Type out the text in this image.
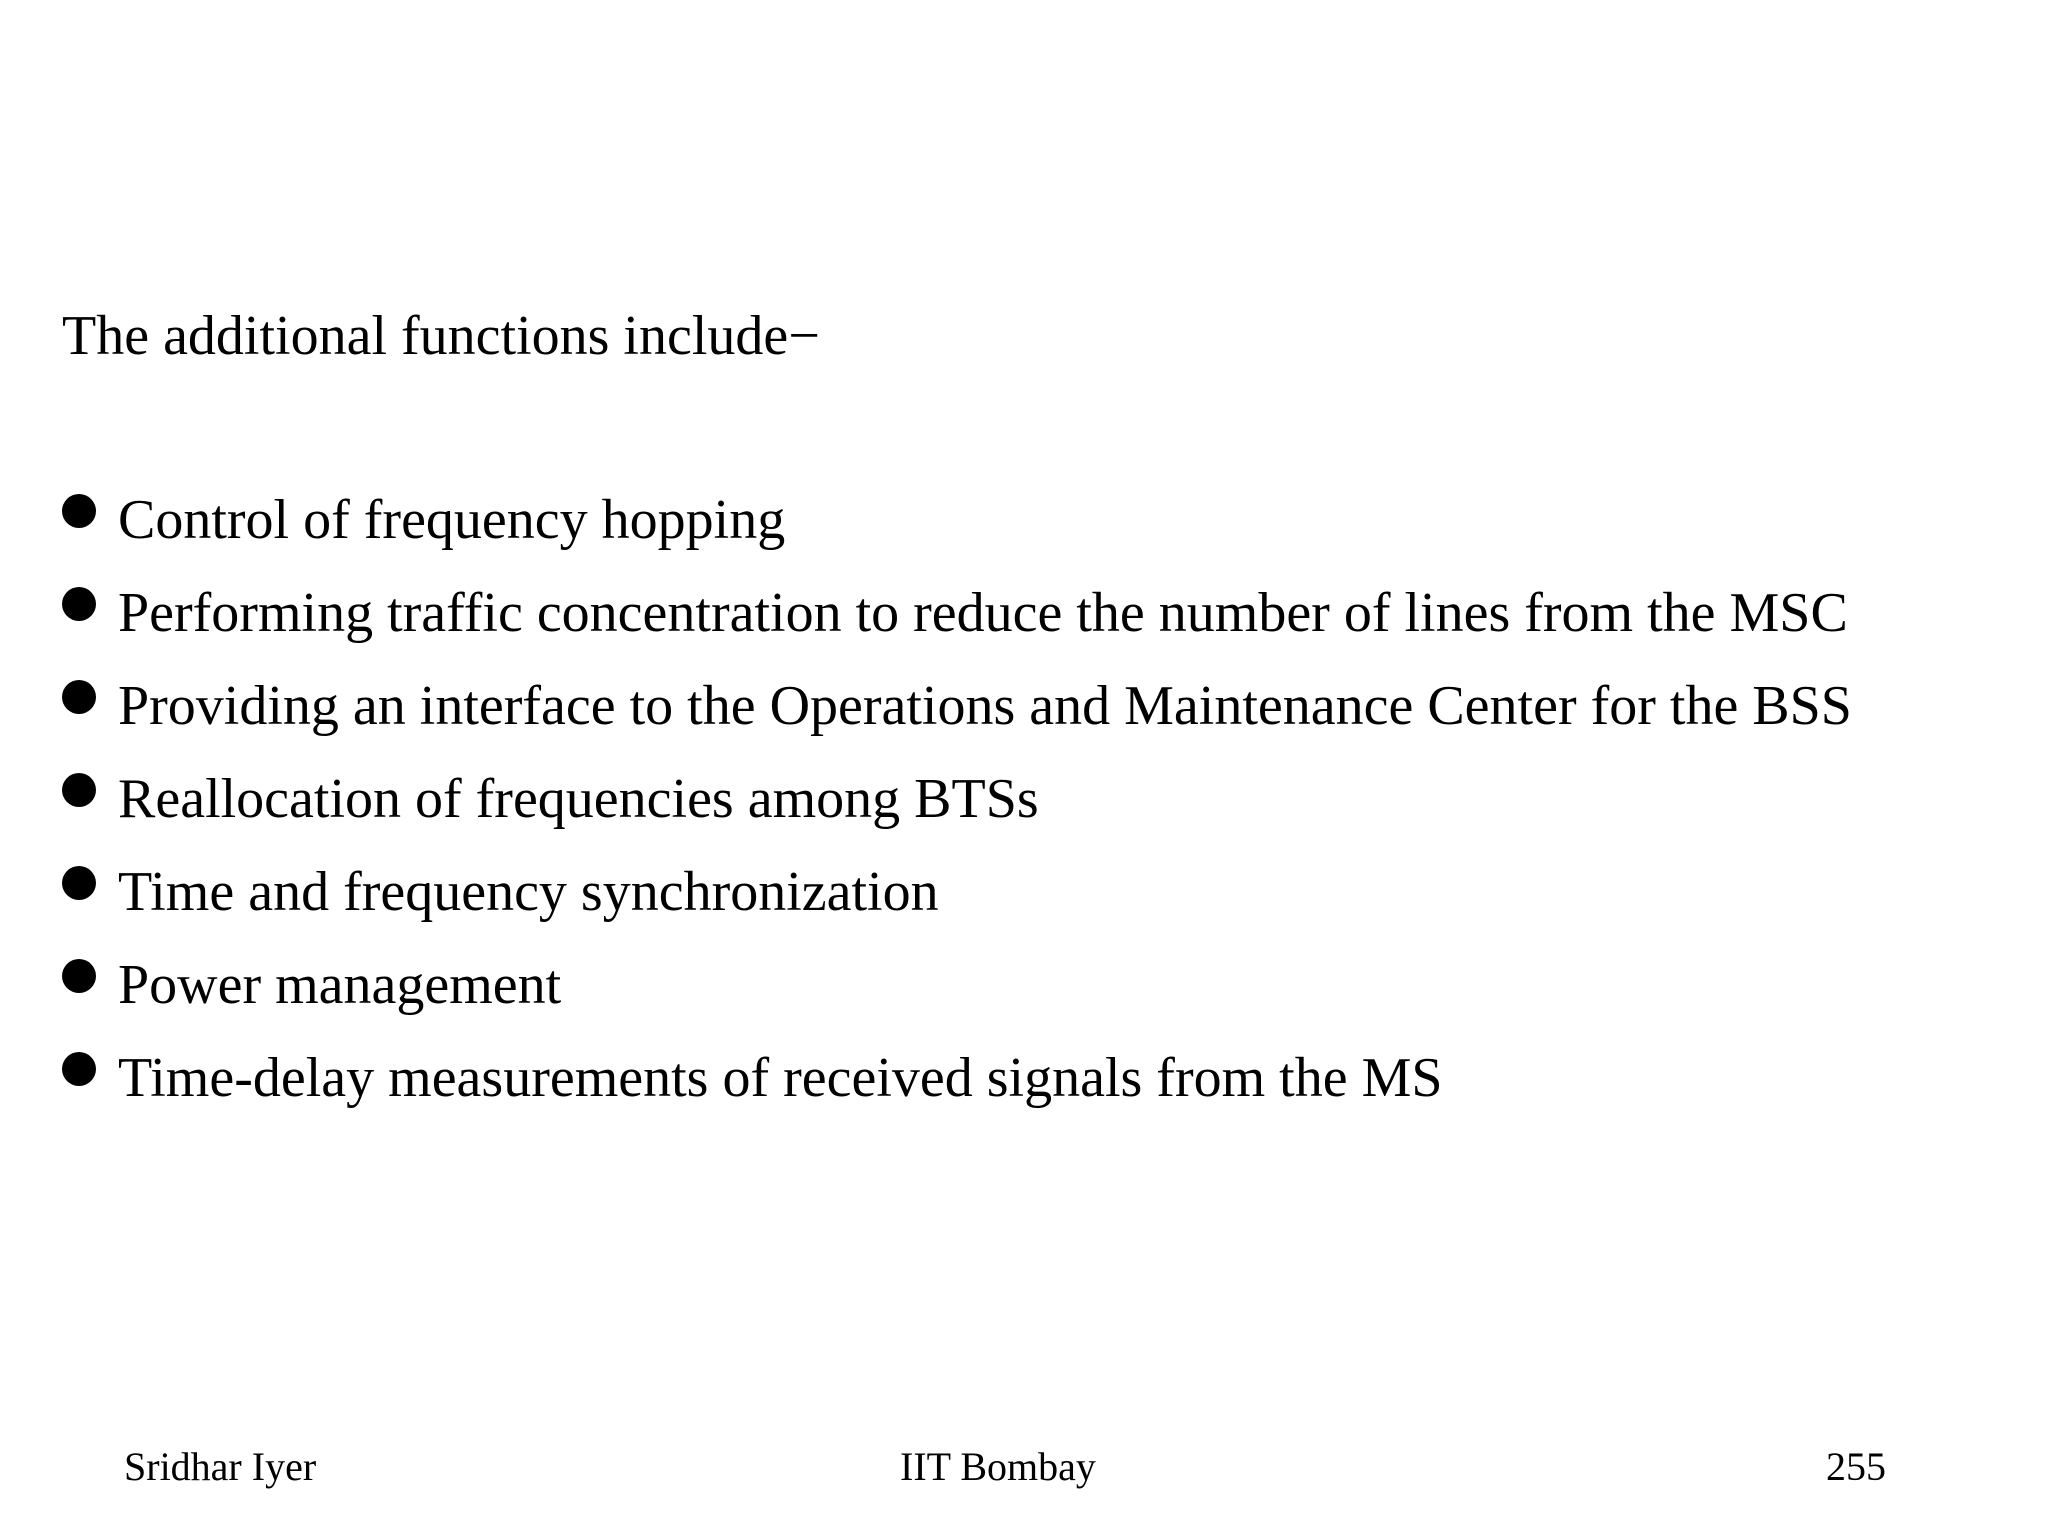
The additional functions include−
Control of frequency hopping
Performing traffic concentration to reduce the number of lines from the MSC
Providing an interface to the Operations and Maintenance Center for the BSS
Reallocation of frequencies among BTSs
Time and frequency synchronization
Power management
Time-delay measurements of received signals from the MS
Sridhar Iyer	IIT Bombay	255
